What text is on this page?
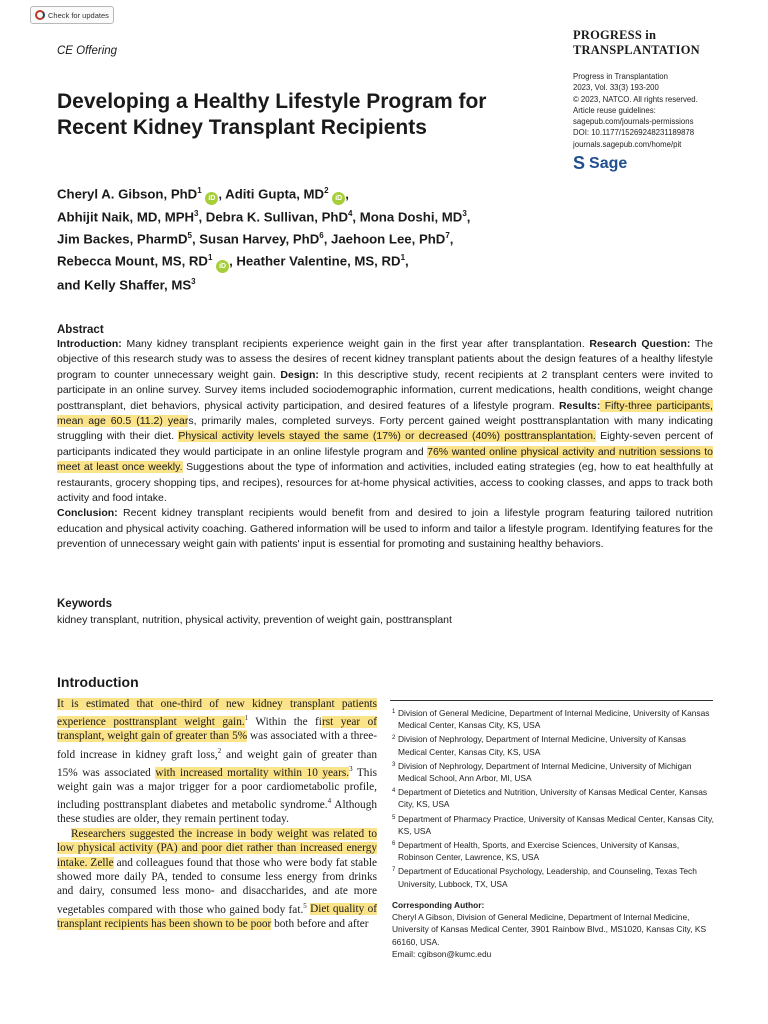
Check for updates
CE Offering
PROGRESS in
TRANSPLANTATION
Progress in Transplantation
2023, Vol. 33(3) 193-200
© 2023, NATCO. All rights reserved.
Article reuse guidelines:
sagepub.com/journals-permissions
DOI: 10.1177/15269248231189878
journals.sagepub.com/home/pit
S Sage
Developing a Healthy Lifestyle Program for Recent Kidney Transplant Recipients
Cheryl A. Gibson, PhD$^1$ iD , Aditi Gupta, $MD^2$ iD ,
Abhijit Naik, MD, MPH$^3$, Debra K. Sullivan, PhD$^4$, Mona Doshi, $MD^3$,
Jim Backes, PharmD$^5$, Susan Harvey, PhD$^6$, Jaehoon Lee, PhD$^7$,
Rebecca Mount, MS, $RD^1$ iD , Heather Valentine, MS, $RD^1$,
and Kelly Shaffer, $MS^3$
Abstract
Introduction: Many kidney transplant recipients experience weight gain in the first year after transplantation. Research Question: The objective of this research study was to assess the desires of recent kidney transplant patients about the design features of a healthy lifestyle program to counter unnecessary weight gain. Design: In this descriptive study, recent recipients at 2 transplant centers were invited to participate in an online survey. Survey items included sociodemographic information, current medications, health conditions, weight change posttransplant, diet behaviors, physical activity participation, and desired features of a lifestyle program. Results: Fifty-three participants, mean age 60.5 (11.2) years, primarily males, completed surveys. Forty percent gained weight posttransplantation with many indicating struggling with their diet. Physical activity levels stayed the same (17%) or decreased (40%) posttransplantation. Eighty-seven percent of participants indicated they would participate in an online lifestyle program and 76% wanted online physical activity and nutrition sessions to meet at least once weekly. Suggestions about the type of information and activities, included eating strategies (eg, how to eat healthfully at restaurants, grocery shopping tips, and recipes), resources for at-home physical activities, access to cooking classes, and apps to track both activity and food intake.
Conclusion: Recent kidney transplant recipients would benefit from and desired to join a lifestyle program featuring tailored nutrition education and physical activity coaching. Gathered information will be used to inform and tailor a lifestyle program. Identifying features for the prevention of unnecessary weight gain with patients' input is essential for promoting and sustaining healthy behaviors.
Keywords
kidney transplant, nutrition, physical activity, prevention of weight gain, posttransplant
Introduction

It is estimated that one-third of new kidney transplant patients experience posttransplant weight gain.$^1$ Within the first year of transplant, weight gain of greater than 5% was associated with a three-fold increase in kidney graft loss,$^2$ and weight gain of greater than 15% was associated with increased mortality within 10 years.$^3$ This weight gain was a major trigger for a poor cardiometabolic profile, including posttransplant diabetes and metabolic syndrome.$^4$ Although these studies are older, they remain pertinent today.

Researchers suggested the increase in body weight was related to low physical activity (PA) and poor diet rather than increased energy intake. Zelle and colleagues found that those who were body fat stable showed more daily PA, tended to consume less energy from drinks and dairy, consumed less mono- and disaccharides, and ate more vegetables compared with those who gained body fat.$^5$ Diet quality of transplant recipients has been shown to be poor both before and after

1 Division of General Medicine, Department of Internal Medicine, University of Kansas Medical Center, Kansas City, KS, USA
2 Division of Nephrology, Department of Internal Medicine, University of Kansas Medical Center, Kansas City, KS, USA
3 Division of Nephrology, Department of Internal Medicine, University of Michigan Medical School, Ann Arbor, MI, USA
4 Department of Dietetics and Nutrition, University of Kansas Medical Center, Kansas City, KS, USA
5 Department of Pharmacy Practice, University of Kansas Medical Center, Kansas City, KS, USA
6 Department of Health, Sports, and Exercise Sciences, University of Kansas, Robinson Center, Lawrence, KS, USA
7 Department of Educational Psychology, Leadership, and Counseling, Texas Tech University, Lubbock, TX, USA
Corresponding Author:
Cheryl A Gibson, Division of General Medicine, Department of Internal Medicine, University of Kansas Medical Center, 3901 Rainbow Blvd., MS1020, Kansas City, KS 66160, USA.
Email: cgibson@kumc.edu
